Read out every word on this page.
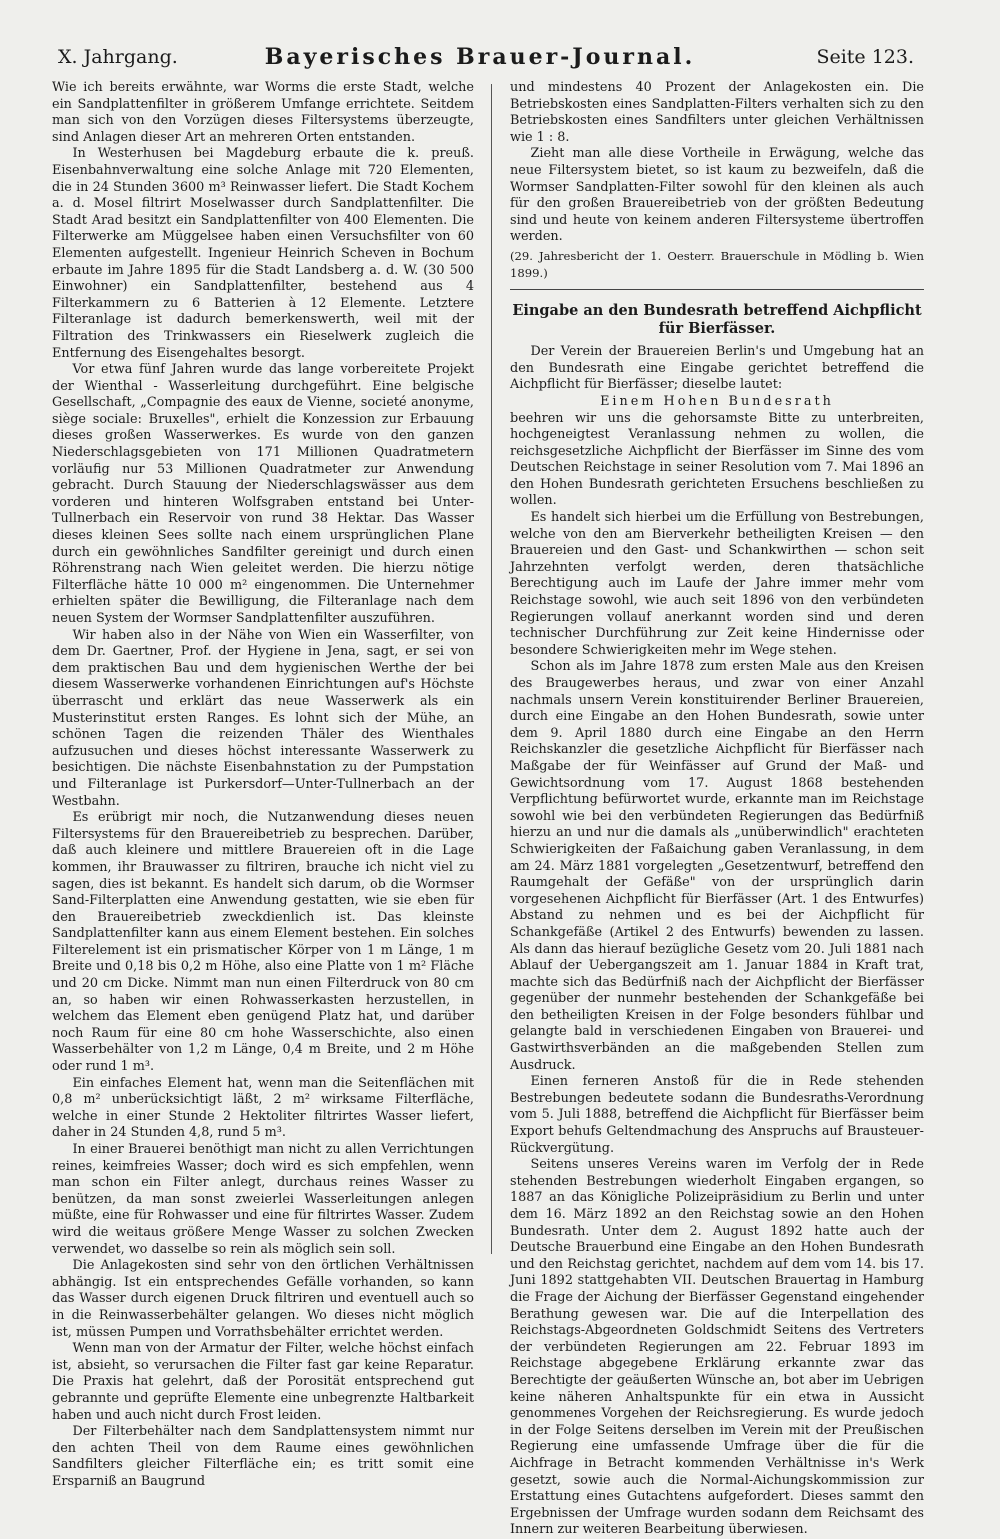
X. Jahrgang.	Bayerisches Brauer-Journal.	Seite 123.

Wie ich bereits erwähnte, war Worms die erste Stadt, welche ein Sandplattenfilter in größerem Umfange errichtete. Seitdem man sich von den Vorzügen dieses Filtersystems überzeugte, sind Anlagen dieser Art an mehreren Orten entstanden.

In Westerhusen bei Magdeburg erbaute die k. preuß. Eisenbahnverwaltung eine solche Anlage mit 720 Elementen, die in 24 Stunden 3600 m³ Reinwasser liefert. Die Stadt Kochem a. d. Mosel filtrirt Moselwasser durch Sandplattenfilter. Die Stadt Arad besitzt ein Sandplattenfilter von 400 Elementen. Die Filterwerke am Müggelsee haben einen Versuchsfilter von 60 Elementen aufgestellt. Ingenieur Heinrich Scheven in Bochum erbaute im Jahre 1895 für die Stadt Landsberg a. d. W. (30 500 Einwohner) ein Sandplattenfilter, bestehend aus 4 Filterkammern zu 6 Batterien à 12 Elemente. Letztere Filteranlage ist dadurch bemerkenswerth, weil mit der Filtration des Trinkwassers ein Rieselwerk zugleich die Entfernung des Eisengehaltes besorgt.

Vor etwa fünf Jahren wurde das lange vorbereitete Projekt der Wienthal - Wasserleitung durchgeführt. Eine belgische Gesellschaft, „Compagnie des eaux de Vienne, societé anonyme, siège sociale: Bruxelles", erhielt die Konzession zur Erbauung dieses großen Wasserwerkes. Es wurde von den ganzen Niederschlagsgebieten von 171 Millionen Quadratmetern vorläufig nur 53 Millionen Quadratmeter zur Anwendung gebracht. Durch Stauung der Niederschlagswässer aus dem vorderen und hinteren Wolfsgraben entstand bei Unter-Tullnerbach ein Reservoir von rund 38 Hektar. Das Wasser dieses kleinen Sees sollte nach einem ursprünglichen Plane durch ein gewöhnliches Sandfilter gereinigt und durch einen Röhrenstrang nach Wien geleitet werden. Die hierzu nötige Filterfläche hätte 10 000 m² eingenommen. Die Unternehmer erhielten später die Bewilligung, die Filteranlage nach dem neuen System der Wormser Sandplattenfilter auszuführen.

Wir haben also in der Nähe von Wien ein Wasserfilter, von dem Dr. Gaertner, Prof. der Hygiene in Jena, sagt, er sei von dem praktischen Bau und dem hygienischen Werthe der bei diesem Wasserwerke vorhandenen Einrichtungen auf's Höchste überrascht und erklärt das neue Wasserwerk als ein Musterinstitut ersten Ranges. Es lohnt sich der Mühe, an schönen Tagen die reizenden Thäler des Wienthales aufzusuchen und dieses höchst interessante Wasserwerk zu besichtigen. Die nächste Eisenbahnstation zu der Pumpstation und Filteranlage ist Purkersdorf—Unter-Tullnerbach an der Westbahn.

Es erübrigt mir noch, die Nutzanwendung dieses neuen Filtersystems für den Brauereibetrieb zu besprechen. Darüber, daß auch kleinere und mittlere Brauereien oft in die Lage kommen, ihr Brauwasser zu filtriren, brauche ich nicht viel zu sagen, dies ist bekannt. Es handelt sich darum, ob die Wormser Sand-Filterplatten eine Anwendung gestatten, wie sie eben für den Brauereibetrieb zweckdienlich ist. Das kleinste Sandplattenfilter kann aus einem Element bestehen. Ein solches Filterelement ist ein prismatischer Körper von 1 m Länge, 1 m Breite und 0,18 bis 0,2 m Höhe, also eine Platte von 1 m² Fläche und 20 cm Dicke. Nimmt man nun einen Filterdruck von 80 cm an, so haben wir einen Rohwasserkasten herzustellen, in welchem das Element eben genügend Platz hat, und darüber noch Raum für eine 80 cm hohe Wasserschichte, also einen Wasserbehälter von 1,2 m Länge, 0,4 m Breite, und 2 m Höhe oder rund 1 m³.

Ein einfaches Element hat, wenn man die Seitenflächen mit 0,8 m² unberücksichtigt läßt, 2 m² wirksame Filterfläche, welche in einer Stunde 2 Hektoliter filtrirtes Wasser liefert, daher in 24 Stunden 4,8, rund 5 m³.

In einer Brauerei benöthigt man nicht zu allen Verrichtungen reines, keimfreies Wasser; doch wird es sich empfehlen, wenn man schon ein Filter anlegt, durchaus reines Wasser zu benützen, da man sonst zweierlei Wasserleitungen anlegen müßte, eine für Rohwasser und eine für filtrirtes Wasser. Zudem wird die weitaus größere Menge Wasser zu solchen Zwecken verwendet, wo dasselbe so rein als möglich sein soll.

Die Anlagekosten sind sehr von den örtlichen Verhältnissen abhängig. Ist ein entsprechendes Gefälle vorhanden, so kann das Wasser durch eigenen Druck filtriren und eventuell auch so in die Reinwasserbehälter gelangen. Wo dieses nicht möglich ist, müssen Pumpen und Vorrathsbehälter errichtet werden.

Wenn man von der Armatur der Filter, welche höchst einfach ist, absieht, so verursachen die Filter fast gar keine Reparatur. Die Praxis hat gelehrt, daß der Porosität entsprechend gut gebrannte und geprüfte Elemente eine unbegrenzte Haltbarkeit haben und auch nicht durch Frost leiden.

Der Filterbehälter nach dem Sandplattensystem nimmt nur den achten Theil von dem Raume eines gewöhnlichen Sandfilters gleicher Filterfläche ein; es tritt somit eine Ersparniß an Baugrund

und mindestens 40 Prozent der Anlagekosten ein. Die Betriebskosten eines Sandplatten-Filters verhalten sich zu den Betriebskosten eines Sandfilters unter gleichen Verhältnissen wie 1 : 8.

Zieht man alle diese Vortheile in Erwägung, welche das neue Filtersystem bietet, so ist kaum zu bezweifeln, daß die Wormser Sandplatten-Filter sowohl für den kleinen als auch für den großen Brauereibetrieb von der größten Bedeutung sind und heute von keinem anderen Filtersysteme übertroffen werden.

(29. Jahresbericht der 1. Oesterr. Brauerschule in Mödling b. Wien 1899.)

Eingabe an den Bundesrath betreffend Aichpflicht für Bierfässer.

Der Verein der Brauereien Berlin's und Umgebung hat an den Bundesrath eine Eingabe gerichtet betreffend die Aichpflicht für Bierfässer; dieselbe lautet:

Einem Hohen Bundesrath

beehren wir uns die gehorsamste Bitte zu unterbreiten, hochgeneigtest Veranlassung nehmen zu wollen, die reichsgesetzliche Aichpflicht der Bierfässer im Sinne des vom Deutschen Reichstage in seiner Resolution vom 7. Mai 1896 an den Hohen Bundesrath gerichteten Ersuchens beschließen zu wollen.

Es handelt sich hierbei um die Erfüllung von Bestrebungen, welche von den am Bierverkehr betheiligten Kreisen — den Brauereien und den Gast- und Schankwirthen — schon seit Jahrzehnten verfolgt werden, deren thatsächliche Berechtigung auch im Laufe der Jahre immer mehr vom Reichstage sowohl, wie auch seit 1896 von den verbündeten Regierungen vollauf anerkannt worden sind und deren technischer Durchführung zur Zeit keine Hindernisse oder besondere Schwierigkeiten mehr im Wege stehen.

Schon als im Jahre 1878 zum ersten Male aus den Kreisen des Braugewerbes heraus, und zwar von einer Anzahl nachmals unsern Verein konstituirender Berliner Brauereien, durch eine Eingabe an den Hohen Bundesrath, sowie unter dem 9. April 1880 durch eine Eingabe an den Herrn Reichskanzler die gesetzliche Aichpflicht für Bierfässer nach Maßgabe der für Weinfässer auf Grund der Maß- und Gewichtsordnung vom 17. August 1868 bestehenden Verpflichtung befürwortet wurde, erkannte man im Reichstage sowohl wie bei den verbündeten Regierungen das Bedürfniß hierzu an und nur die damals als „unüberwindlich" erachteten Schwierigkeiten der Faßaichung gaben Veranlassung, in dem am 24. März 1881 vorgelegten „Gesetzentwurf, betreffend den Raumgehalt der Gefäße" von der ursprünglich darin vorgesehenen Aichpflicht für Bierfässer (Art. 1 des Entwurfes) Abstand zu nehmen und es bei der Aichpflicht für Schankgefäße (Artikel 2 des Entwurfs) bewenden zu lassen. Als dann das hierauf bezügliche Gesetz vom 20. Juli 1881 nach Ablauf der Uebergangszeit am 1. Januar 1884 in Kraft trat, machte sich das Bedürfniß nach der Aichpflicht der Bierfässer gegenüber der nunmehr bestehenden der Schankgefäße bei den betheiligten Kreisen in der Folge besonders fühlbar und gelangte bald in verschiedenen Eingaben von Brauerei- und Gastwirthsverbänden an die maßgebenden Stellen zum Ausdruck.

Einen ferneren Anstoß für die in Rede stehenden Bestrebungen bedeutete sodann die Bundesraths-Verordnung vom 5. Juli 1888, betreffend die Aichpflicht für Bierfässer beim Export behufs Geltendmachung des Anspruchs auf Brausteuer-Rückvergütung.

Seitens unseres Vereins waren im Verfolg der in Rede stehenden Bestrebungen wiederholt Eingaben ergangen, so 1887 an das Königliche Polizeipräsidium zu Berlin und unter dem 16. März 1892 an den Reichstag sowie an den Hohen Bundesrath. Unter dem 2. August 1892 hatte auch der Deutsche Brauerbund eine Eingabe an den Hohen Bundesrath und den Reichstag gerichtet, nachdem auf dem vom 14. bis 17. Juni 1892 stattgehabten VII. Deutschen Brauertag in Hamburg die Frage der Aichung der Bierfässer Gegenstand eingehender Berathung gewesen war. Die auf die Interpellation des Reichstags-Abgeordneten Goldschmidt Seitens des Vertreters der verbündeten Regierungen am 22. Februar 1893 im Reichstage abgegebene Erklärung erkannte zwar das Berechtigte der geäußerten Wünsche an, bot aber im Uebrigen keine näheren Anhaltspunkte für ein etwa in Aussicht genommenes Vorgehen der Reichsregierung. Es wurde jedoch in der Folge Seitens derselben im Verein mit der Preußischen Regierung eine umfassende Umfrage über die für die Aichfrage in Betracht kommenden Verhältnisse in's Werk gesetzt, sowie auch die Normal-Aichungskommission zur Erstattung eines Gutachtens aufgefordert. Dieses sammt den Ergebnissen der Umfrage wurden sodann dem Reichsamt des Innern zur weiteren Bearbeitung überwiesen.
